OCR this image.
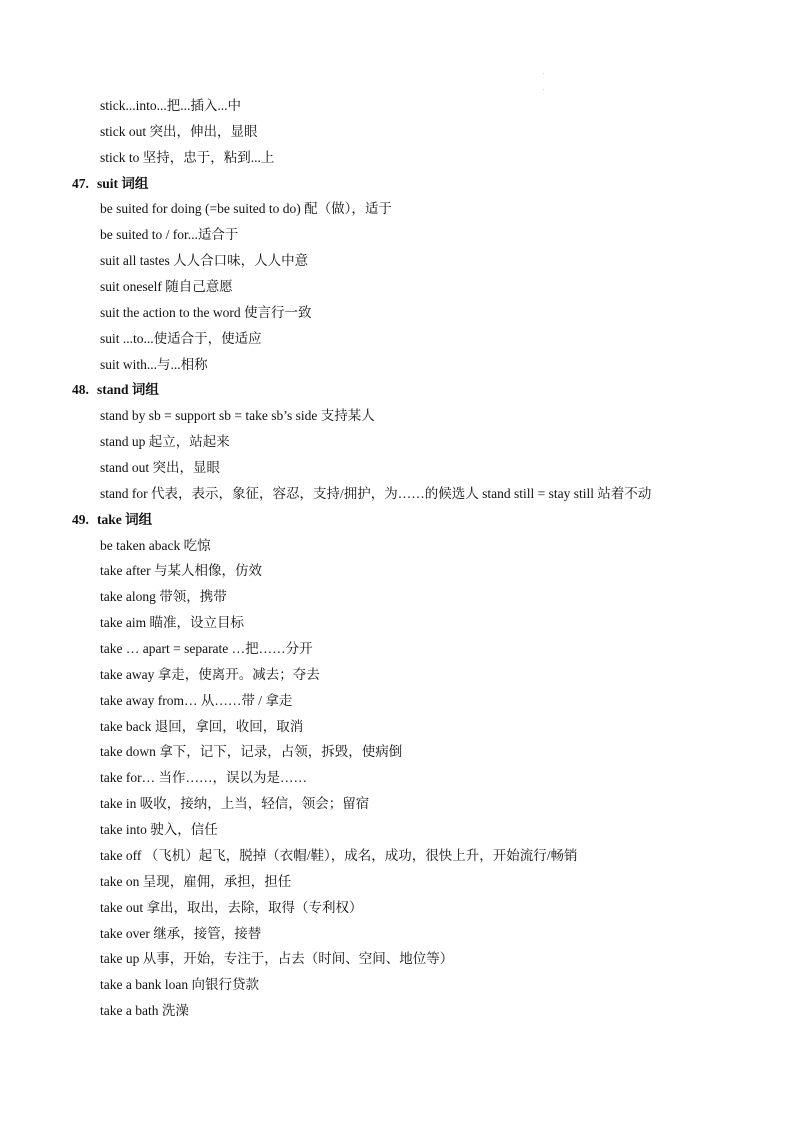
.
.
stick...into...把...插入...中
stick out 突出，伸出，显眼
stick to 坚持，忠于，粘到...上
47. suit 词组
be suited for doing (=be suited to do) 配（做），适于
be suited to / for...适合于
suit all tastes 人人合口味，人人中意
suit oneself 随自己意愿
suit the action to the word 使言行一致
suit ...to...使适合于，使适应
suit with...与...相称
48. stand 词组
stand by sb = support sb = take sb’s side 支持某人
stand up 起立，站起来
stand out 突出，显眼
stand for 代表，表示，象征，容忍，支持/拥护，为……的候选人 stand still = stay still 站着不动
49. take 词组
be taken aback 吃惊
take after 与某人相像，仿效
take along 带领，携带
take aim 瞄准，设立目标
take … apart = separate …把……分开
take away 拿走，使离开。减去；夺去
take away from… 从……带 / 拿走
take back 退回，拿回，收回，取消
take down 拿下，记下，记录，占领，拆毁，使病倒
take for… 当作……，误以为是……
take in 吸收，接纳，上当，轻信，领会；留宿
take into 驶入，信任
take off （飞机）起飞，脱掉（衣帽/鞋），成名，成功，很快上升，开始流行/畅销
take on 呈现，雇佣，承担，担任
take out 拿出，取出，去除，取得（专利权）
take over 继承，接管，接替
take up 从事，开始，专注于，占去（时间、空间、地位等）
take a bank loan 向银行贷款
take a bath 洗澡
